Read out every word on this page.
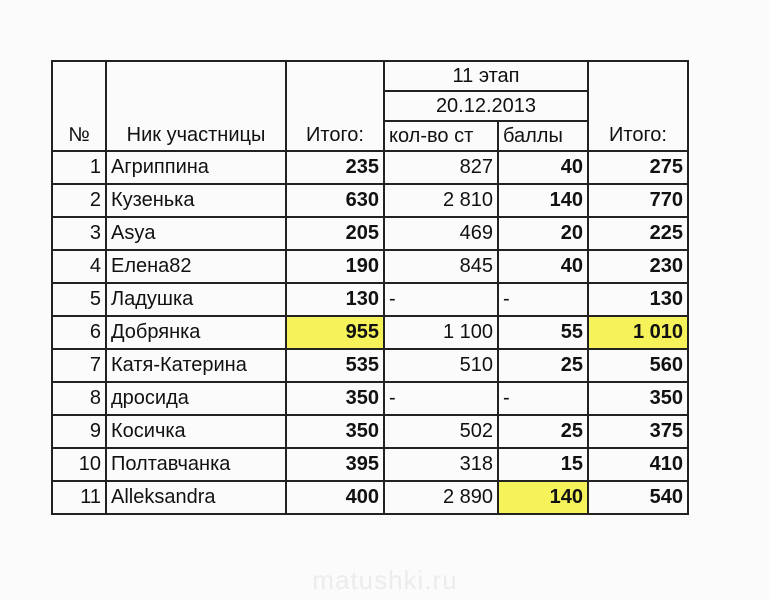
№	Ник участницы	Итого:	11 этап		Итого:
			20.12.2013		
			кол-во ст	баллы	
1	Агриппина	235	827	40	275
2	Кузенька	630	2 810	140	770
3	Asya	205	469	20	225
4	Елена82	190	845	40	230
5	Ладушка	130	-	-	130
6	Добрянка	955	1 100	55	1 010
7	Катя-Катерина	535	510	25	560
8	дросида	350	-	-	350
9	Косичка	350	502	25	375
10	Полтавчанка	395	318	15	410
11	Alleksandra	400	2 890	140	540
matushki.ru
